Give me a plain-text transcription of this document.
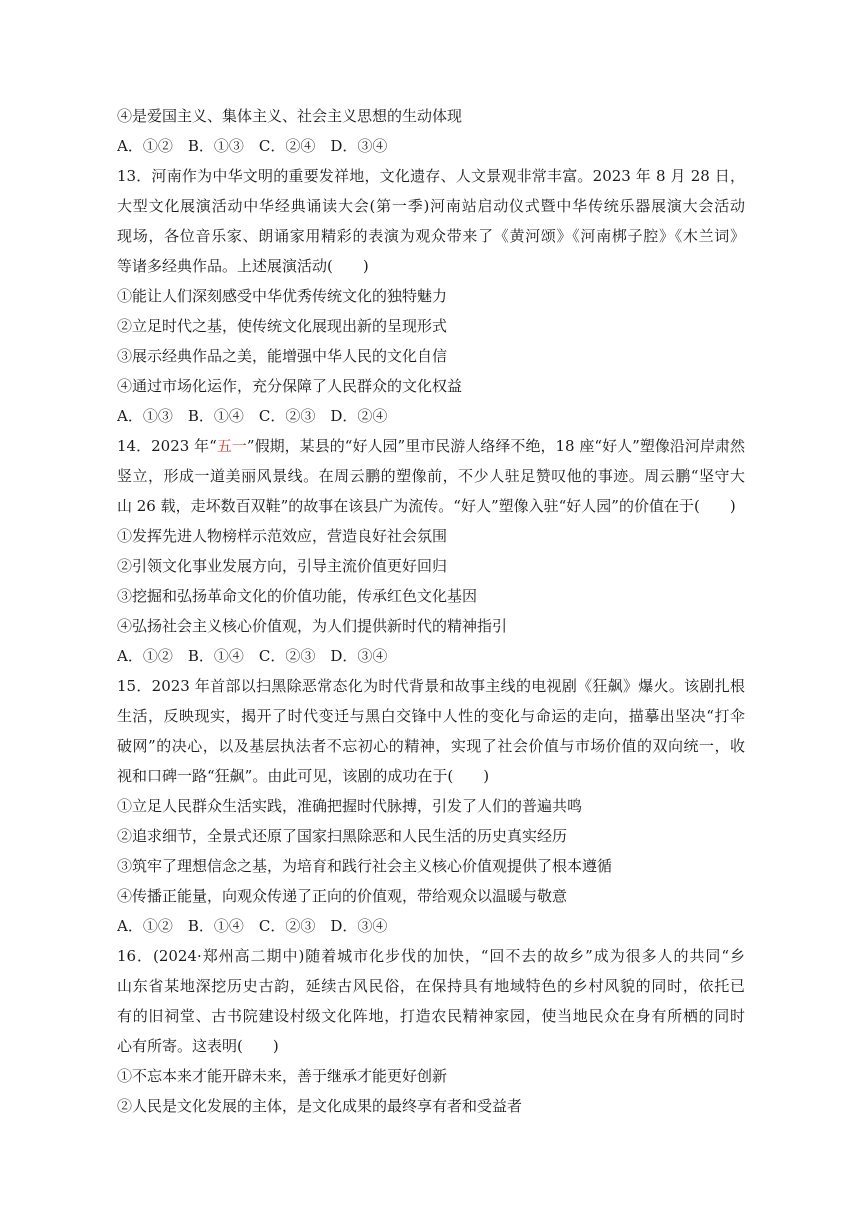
④是爱国主义、集体主义、社会主义思想的生动体现
A．①②　B．①③　C．②④　D．③④
13．河南作为中华文明的重要发祥地，文化遗存、人文景观非常丰富。2023 年 8 月 28 日，
大型文化展演活动中华经典诵读大会(第一季)河南站启动仪式暨中华传统乐器展演大会活动
现场，各位音乐家、朗诵家用精彩的表演为观众带来了《黄河颂》《河南梆子腔》《木兰词》
等诸多经典作品。上述展演活动(　　)
①能让人们深刻感受中华优秀传统文化的独特魅力
②立足时代之基，使传统文化展现出新的呈现形式
③展示经典作品之美，能增强中华人民的文化自信
④通过市场化运作，充分保障了人民群众的文化权益
A．①③　B．①④　C．②③　D．②④
14．2023 年“五一”假期，某县的“好人园”里市民游人络绎不绝，18 座“好人”塑像沿河岸肃然
竖立，形成一道美丽风景线。在周云鹏的塑像前，不少人驻足赞叹他的事迹。周云鹏“坚守大
山 26 载，走坏数百双鞋”的故事在该县广为流传。“好人”塑像入驻“好人园”的价值在于(　　)
①发挥先进人物榜样示范效应，营造良好社会氛围
②引领文化事业发展方向，引导主流价值更好回归
③挖掘和弘扬革命文化的价值功能，传承红色文化基因
④弘扬社会主义核心价值观，为人们提供新时代的精神指引
A．①②　B．①④　C．②③　D．③④
15．2023 年首部以扫黑除恶常态化为时代背景和故事主线的电视剧《狂飙》爆火。该剧扎根
生活，反映现实，揭开了时代变迁与黑白交锋中人性的变化与命运的走向，描摹出坚决“打伞
破网”的决心，以及基层执法者不忘初心的精神，实现了社会价值与市场价值的双向统一，收
视和口碑一路“狂飙”。由此可见，该剧的成功在于(　　)
①立足人民群众生活实践，准确把握时代脉搏，引发了人们的普遍共鸣
②追求细节，全景式还原了国家扫黑除恶和人民生活的历史真实经历
③筑牢了理想信念之基，为培育和践行社会主义核心价值观提供了根本遵循
④传播正能量，向观众传递了正向的价值观，带给观众以温暖与敬意
A．①②　B．①④　C．②③　D．③④
16．(2024·郑州高二期中)随着城市化步伐的加快，“回不去的故乡”成为很多人的共同“乡
山东省某地深挖历史古韵，延续古风民俗，在保持具有地域特色的乡村风貌的同时，依托已
有的旧祠堂、古书院建设村级文化阵地，打造农民精神家园，使当地民众在身有所栖的同时
心有所寄。这表明(　　)
①不忘本来才能开辟未来，善于继承才能更好创新
②人民是文化发展的主体，是文化成果的最终享有者和受益者
